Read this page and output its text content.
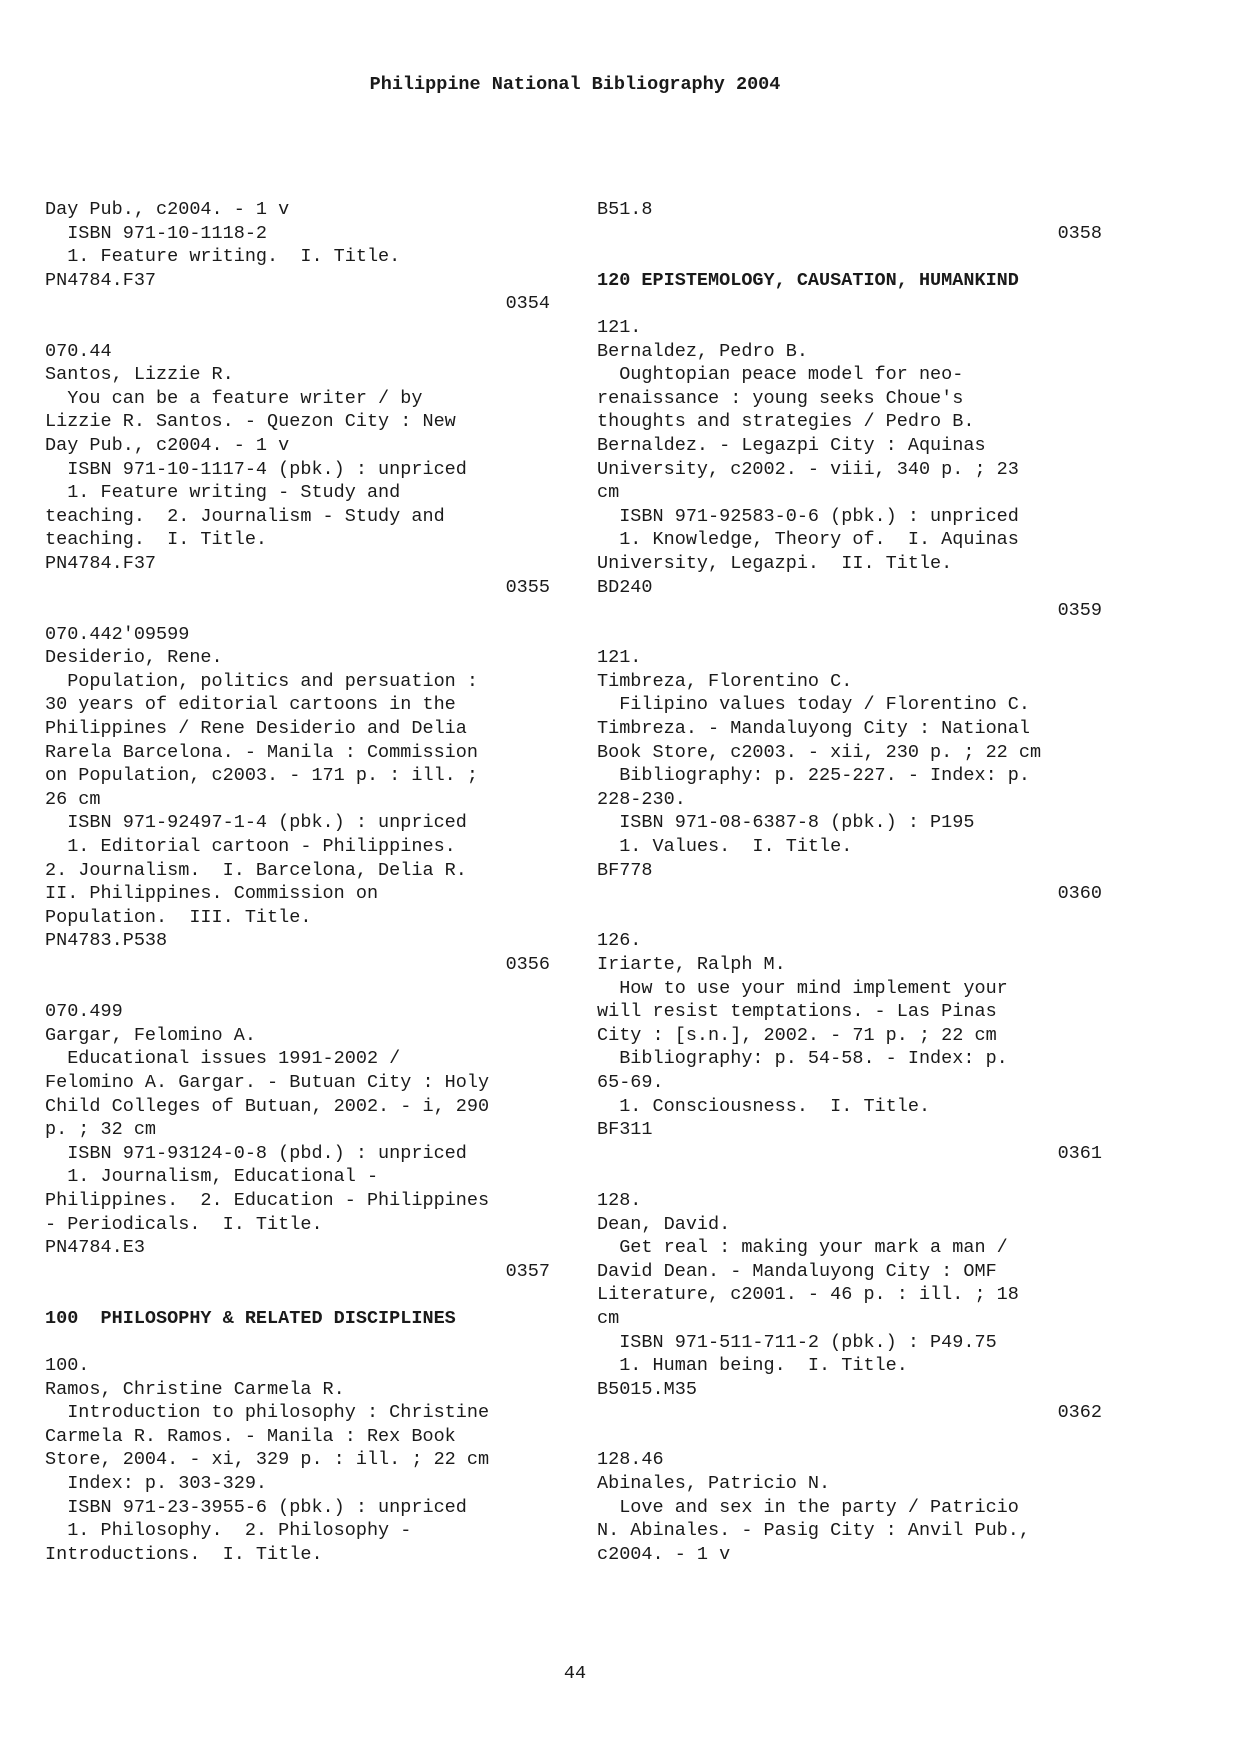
Philippine National Bibliography 2004
Day Pub., c2004. - 1 v
ISBN 971-10-1118-2
1. Feature writing.  I. Title.
PN4784.F37
0354
070.44
Santos, Lizzie R.
You can be a feature writer / by
Lizzie R. Santos. - Quezon City : New
Day Pub., c2004. - 1 v
ISBN 971-10-1117-4 (pbk.) : unpriced
1. Feature writing - Study and
teaching.  2. Journalism - Study and
teaching.  I. Title.
PN4784.F37
0355
070.442'09599
Desiderio, Rene.
Population, politics and persuation :
30 years of editorial cartoons in the
Philippines / Rene Desiderio and Delia
Rarela Barcelona. - Manila : Commission
on Population, c2003. - 171 p. : ill. ;
26 cm
ISBN 971-92497-1-4 (pbk.) : unpriced
1. Editorial cartoon - Philippines.
2. Journalism.  I. Barcelona, Delia R.
II. Philippines. Commission on
Population.  III. Title.
PN4783.P538
0356
070.499
Gargar, Felomino A.
Educational issues 1991-2002 /
Felomino A. Gargar. - Butuan City : Holy
Child Colleges of Butuan, 2002. - i, 290
p. ; 32 cm
ISBN 971-93124-0-8 (pbd.) : unpriced
1. Journalism, Educational -
Philippines.  2. Education - Philippines
- Periodicals.  I. Title.
PN4784.E3
0357
100  PHILOSOPHY & RELATED DISCIPLINES
100.
Ramos, Christine Carmela R.
Introduction to philosophy : Christine
Carmela R. Ramos. - Manila : Rex Book
Store, 2004. - xi, 329 p. : ill. ; 22 cm
Index: p. 303-329.
ISBN 971-23-3955-6 (pbk.) : unpriced
1. Philosophy.  2. Philosophy -
Introductions.  I. Title.
B51.8
0358
120 EPISTEMOLOGY, CAUSATION, HUMANKIND
121.
Bernaldez, Pedro B.
Oughtopian peace model for neo-
renaissance : young seeks Choue's
thoughts and strategies / Pedro B.
Bernaldez. - Legazpi City : Aquinas
University, c2002. - viii, 340 p. ; 23
cm
ISBN 971-92583-0-6 (pbk.) : unpriced
1. Knowledge, Theory of.  I. Aquinas
University, Legazpi.  II. Title.
BD240
0359
121.
Timbreza, Florentino C.
Filipino values today / Florentino C.
Timbreza. - Mandaluyong City : National
Book Store, c2003. - xii, 230 p. ; 22 cm
Bibliography: p. 225-227. - Index: p.
228-230.
ISBN 971-08-6387-8 (pbk.) : P195
1. Values.  I. Title.
BF778
0360
126.
Iriarte, Ralph M.
How to use your mind implement your
will resist temptations. - Las Pinas
City : [s.n.], 2002. - 71 p. ; 22 cm
Bibliography: p. 54-58. - Index: p.
65-69.
1. Consciousness.  I. Title.
BF311
0361
128.
Dean, David.
Get real : making your mark a man /
David Dean. - Mandaluyong City : OMF
Literature, c2001. - 46 p. : ill. ; 18
cm
ISBN 971-511-711-2 (pbk.) : P49.75
1. Human being.  I. Title.
B5015.M35
0362
128.46
Abinales, Patricio N.
Love and sex in the party / Patricio
N. Abinales. - Pasig City : Anvil Pub.,
c2004. - 1 v
44
